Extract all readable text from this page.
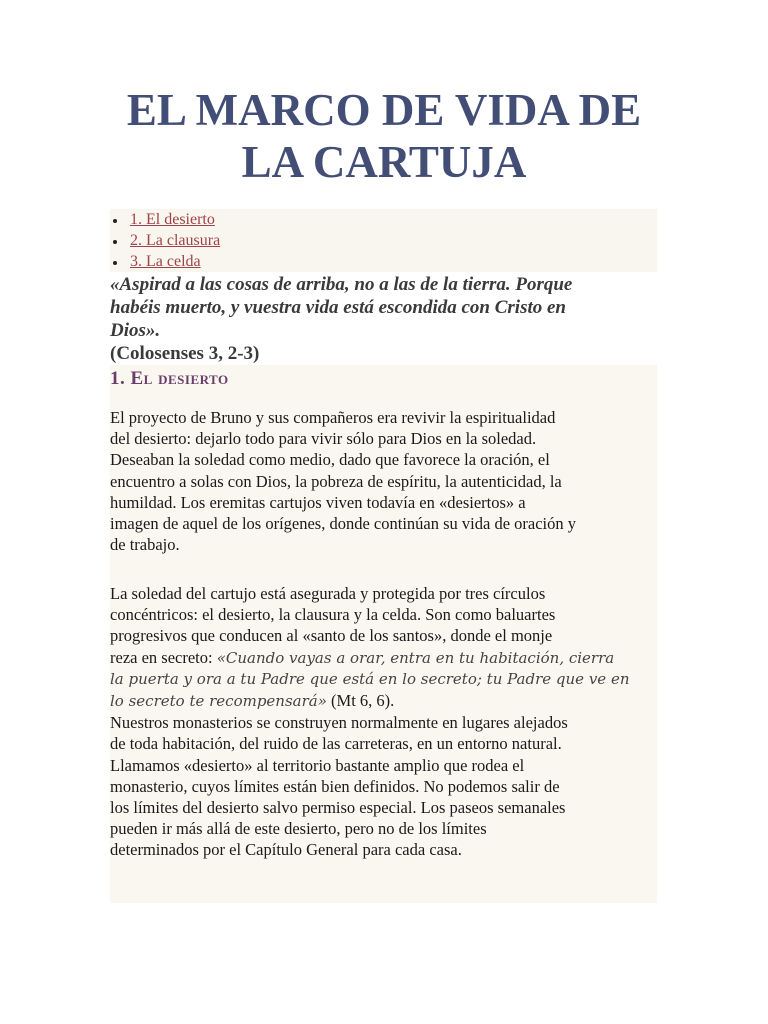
EL MARCO DE VIDA DE
LA CARTUJA
1. El desierto
2. La clausura
3. La celda
«Aspirad a las cosas de arriba, no a las de la tierra. Porque
habéis muerto, y vuestra vida está escondida con Cristo en
Dios».
(Colosenses 3, 2-3)
1. El desierto
El proyecto de Bruno y sus compañeros era revivir la espiritualidad
del desierto: dejarlo todo para vivir sólo para Dios en la soledad.
Deseaban la soledad como medio, dado que favorece la oración, el
encuentro a solas con Dios, la pobreza de espíritu, la autenticidad, la
humildad. Los eremitas cartujos viven todavía en «desiertos» a
imagen de aquel de los orígenes, donde continúan su vida de oración y
de trabajo.
La soledad del cartujo está asegurada y protegida por tres círculos
concéntricos: el desierto, la clausura y la celda. Son como baluartes
progresivos que conducen al «santo de los santos», donde el monje
reza en secreto: «Cuando vayas a orar, entra en tu habitación, cierra
la puerta y ora a tu Padre que está en lo secreto; tu Padre que ve en
lo secreto te recompensará» (Mt 6, 6).
Nuestros monasterios se construyen normalmente en lugares alejados
de toda habitación, del ruido de las carreteras, en un entorno natural.
Llamamos «desierto» al territorio bastante amplio que rodea el
monasterio, cuyos límites están bien definidos. No podemos salir de
los límites del desierto salvo permiso especial. Los paseos semanales
pueden ir más allá de este desierto, pero no de los límites
determinados por el Capítulo General para cada casa.
